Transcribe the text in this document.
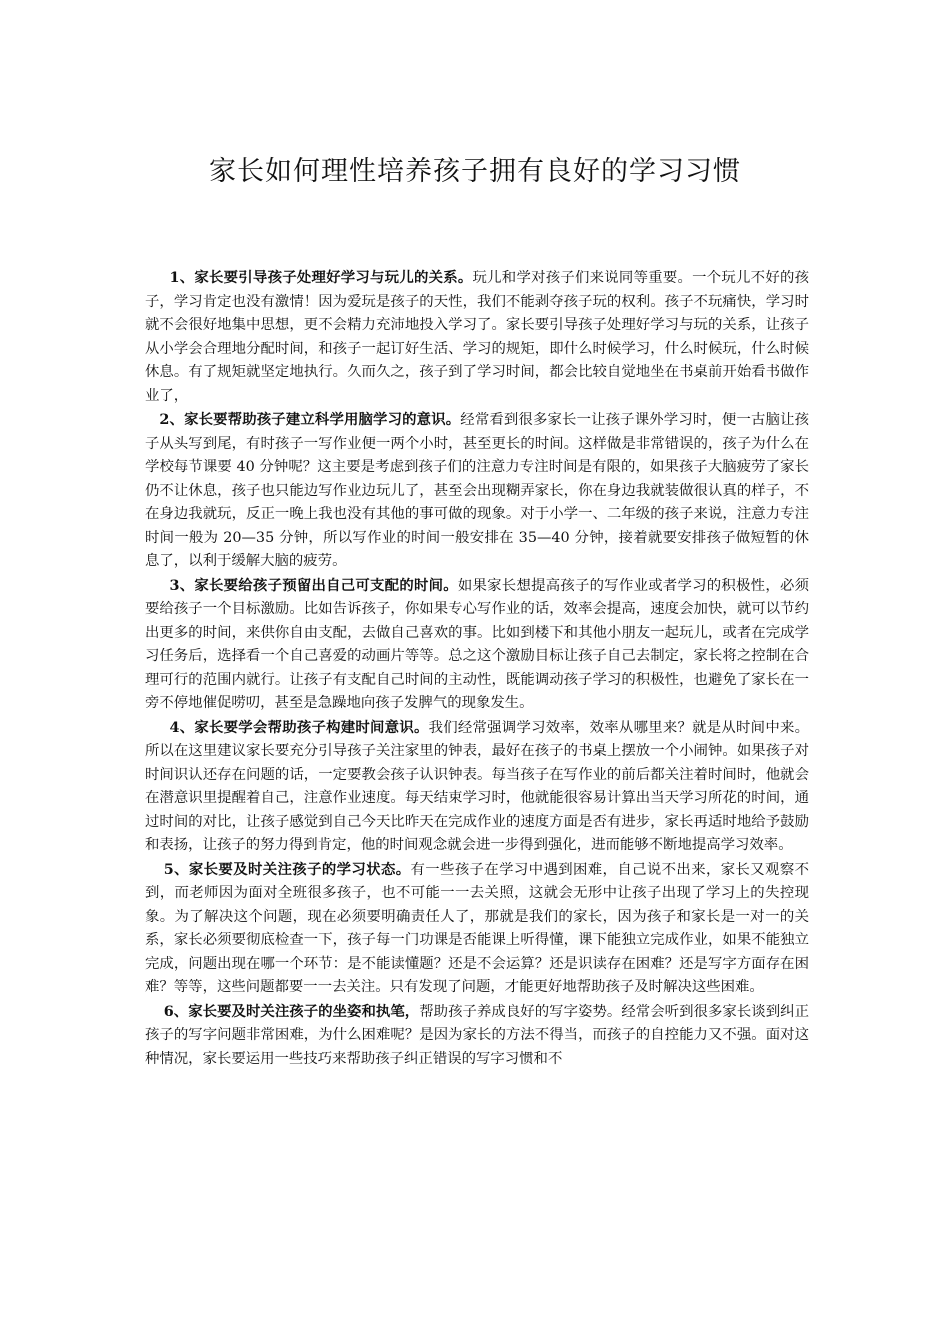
家长如何理性培养孩子拥有良好的学习习惯

1、家长要引导孩子处理好学习与玩儿的关系。玩儿和学对孩子们来说同等重要。一个玩儿不好的孩子，学习肯定也没有激情！因为爱玩是孩子的天性，我们不能剥夺孩子玩的权利。孩子不玩痛快，学习时就不会很好地集中思想，更不会精力充沛地投入学习了。家长要引导孩子处理好学习与玩的关系，让孩子从小学会合理地分配时间，和孩子一起订好生活、学习的规矩，即什么时候学习，什么时候玩，什么时候休息。有了规矩就坚定地执行。久而久之，孩子到了学习时间，都会比较自觉地坐在书桌前开始看书做作业了，

2、家长要帮助孩子建立科学用脑学习的意识。经常看到很多家长一让孩子课外学习时，便一古脑让孩子从头写到尾，有时孩子一写作业便一两个小时，甚至更长的时间。这样做是非常错误的，孩子为什么在学校每节课要 40 分钟呢？这主要是考虑到孩子们的注意力专注时间是有限的，如果孩子大脑疲劳了家长仍不让休息，孩子也只能边写作业边玩儿了，甚至会出现糊弄家长，你在身边我就装做很认真的样子，不在身边我就玩，反正一晚上我也没有其他的事可做的现象。对于小学一、二年级的孩子来说，注意力专注时间一般为 20—35 分钟，所以写作业的时间一般安排在 35—40 分钟，接着就要安排孩子做短暂的休息了，以利于缓解大脑的疲劳。

3、家长要给孩子预留出自己可支配的时间。如果家长想提高孩子的写作业或者学习的积极性，必须要给孩子一个目标激励。比如告诉孩子，你如果专心写作业的话，效率会提高，速度会加快，就可以节约出更多的时间，来供你自由支配，去做自己喜欢的事。比如到楼下和其他小朋友一起玩儿，或者在完成学习任务后，选择看一个自己喜爱的动画片等等。总之这个激励目标让孩子自己去制定，家长将之控制在合理可行的范围内就行。让孩子有支配自己时间的主动性，既能调动孩子学习的积极性，也避免了家长在一旁不停地催促唠叨，甚至是急躁地向孩子发脾气的现象发生。

4、家长要学会帮助孩子构建时间意识。我们经常强调学习效率，效率从哪里来？就是从时间中来。所以在这里建议家长要充分引导孩子关注家里的钟表，最好在孩子的书桌上摆放一个小闹钟。如果孩子对时间识认还存在问题的话，一定要教会孩子认识钟表。每当孩子在写作业的前后都关注着时间时，他就会在潜意识里提醒着自己，注意作业速度。每天结束学习时，他就能很容易计算出当天学习所花的时间，通过时间的对比，让孩子感觉到自己今天比昨天在完成作业的速度方面是否有进步，家长再适时地给予鼓励和表扬，让孩子的努力得到肯定，他的时间观念就会进一步得到强化，进而能够不断地提高学习效率。

5、家长要及时关注孩子的学习状态。有一些孩子在学习中遇到困难，自己说不出来，家长又观察不到，而老师因为面对全班很多孩子，也不可能一一去关照，这就会无形中让孩子出现了学习上的失控现象。为了解决这个问题，现在必须要明确责任人了，那就是我们的家长，因为孩子和家长是一对一的关系，家长必须要彻底检查一下，孩子每一门功课是否能课上听得懂，课下能独立完成作业，如果不能独立完成，问题出现在哪一个环节：是不能读懂题？还是不会运算？还是识读存在困难？还是写字方面存在困难？等等，这些问题都要一一去关注。只有发现了问题，才能更好地帮助孩子及时解决这些困难。

6、家长要及时关注孩子的坐姿和执笔，帮助孩子养成良好的写字姿势。经常会听到很多家长谈到纠正孩子的写字问题非常困难，为什么困难呢？是因为家长的方法不得当，而孩子的自控能力又不强。面对这种情况，家长要运用一些技巧来帮助孩子纠正错误的写字习惯和不
